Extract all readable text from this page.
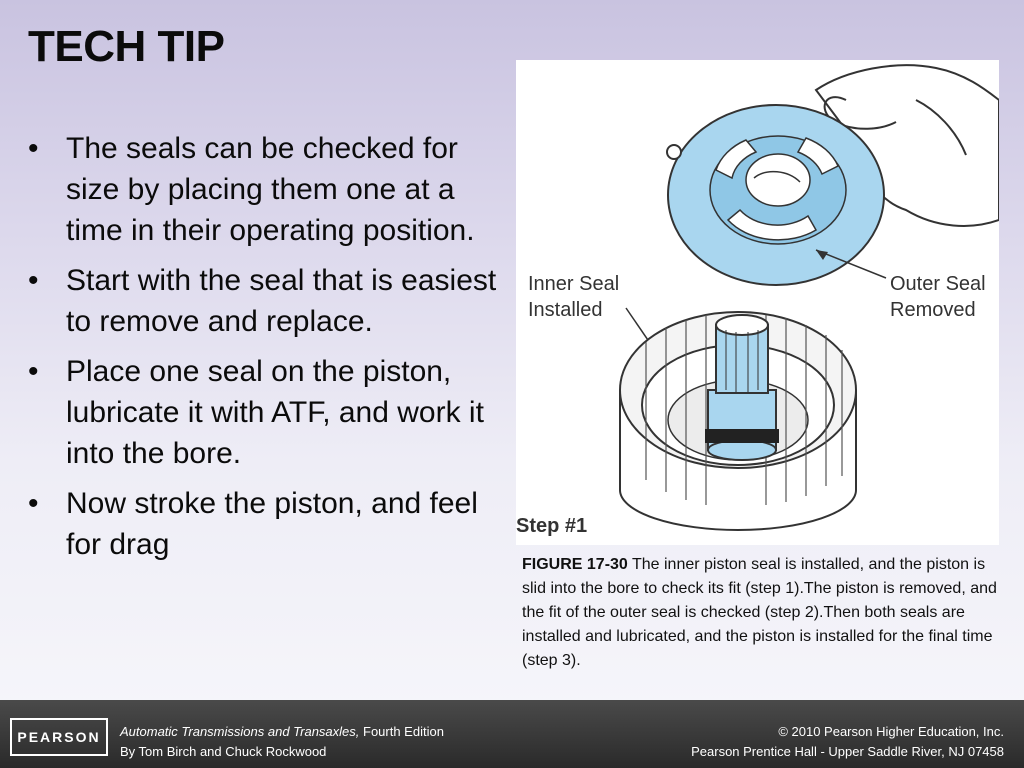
TECH TIP
• The seals can be checked for size by placing them one at a time in their operating position.
• Start with the seal that is easiest to remove and replace.
• Place one seal on the piston, lubricate it with ATF, and work it into the bore.
• Now stroke the piston, and feel for drag
Inner Seal
Installed
Outer Seal
Removed
Step #1
FIGURE 17-30 The inner piston seal is installed, and the piston is slid into the bore to check its fit (step 1).The piston is removed, and the fit of the outer seal is checked (step 2).Then both seals are installed and lubricated, and the piston is installed for the final time (step 3).
PEARSON	Automatic Transmissions and Transaxles, Fourth Edition
By Tom Birch and Chuck Rockwood
© 2010 Pearson Higher Education, Inc.
Pearson Prentice Hall - Upper Saddle River, NJ 07458
